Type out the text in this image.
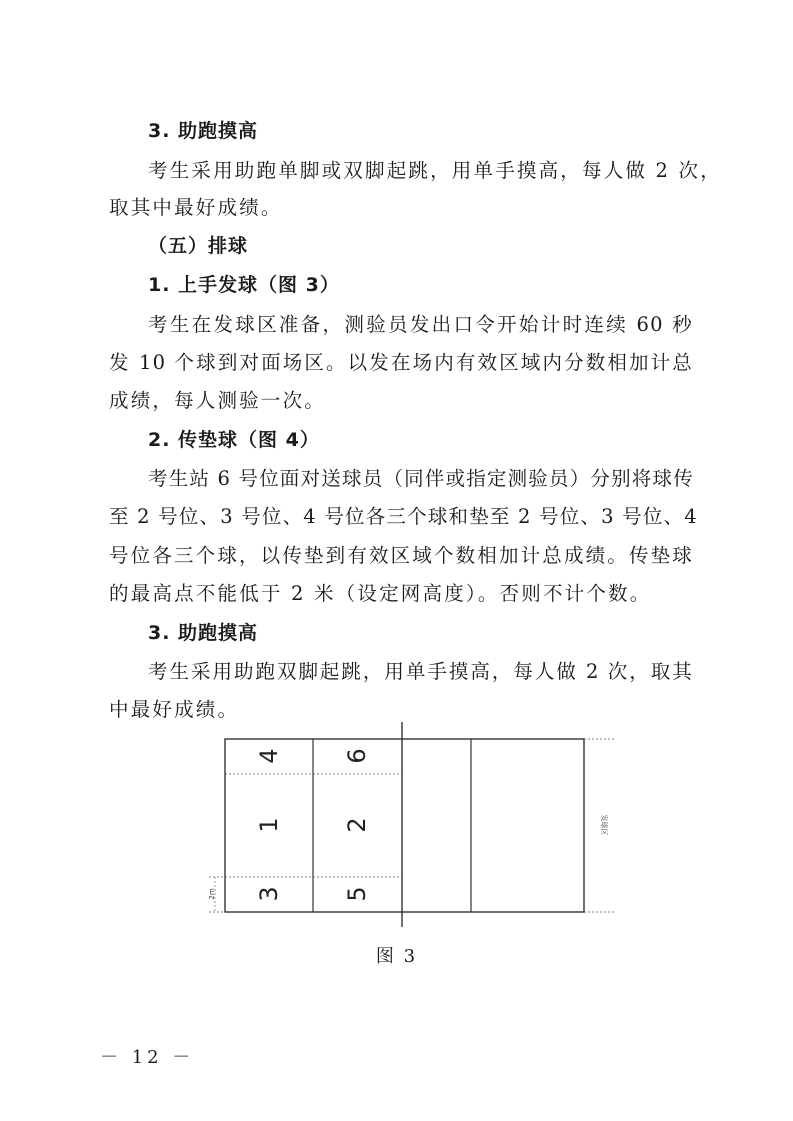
3. 助跑摸高
考生采用助跑单脚或双脚起跳，用单手摸高，每人做 2 次，
取其中最好成绩。
（五）排球
1. 上手发球（图 3）
考生在发球区准备，测验员发出口令开始计时连续 60 秒
发 10 个球到对面场区。以发在场内有效区域内分数相加计总
成绩，每人测验一次。
2. 传垫球（图 4）
考生站 6 号位面对送球员（同伴或指定测验员）分别将球传
至 2 号位、3 号位、4 号位各三个球和垫至 2 号位、3 号位、4
号位各三个球，以传垫到有效区域个数相加计总成绩。传垫球
的最高点不能低于 2 米（设定网高度）。否则不计个数。
3. 助跑摸高
考生采用助跑双脚起跳，用单手摸高，每人做 2 次，取其
中最好成绩。
4	6
1	2
3	5
2m
发球区
图 3
－ 12 －
